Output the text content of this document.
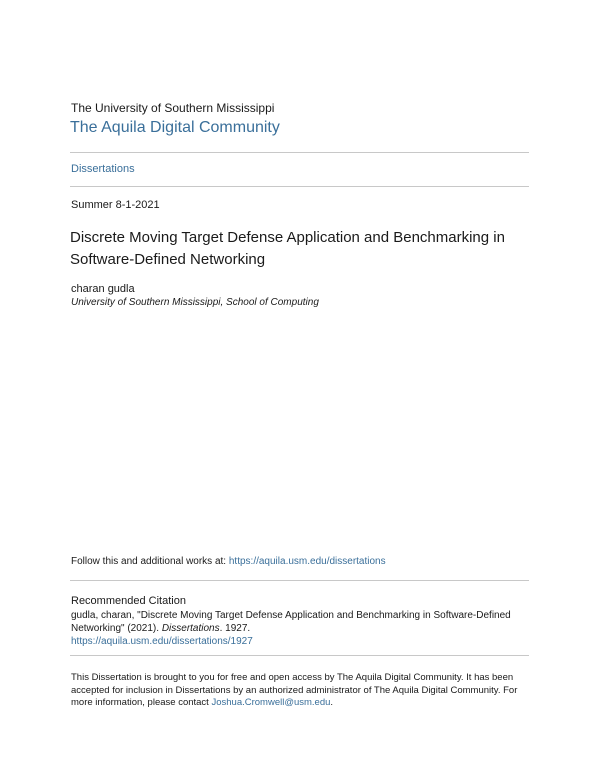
The University of Southern Mississippi
The Aquila Digital Community
Dissertations
Summer 8-1-2021
Discrete Moving Target Defense Application and Benchmarking in Software-Defined Networking
charan gudla
University of Southern Mississippi, School of Computing
Follow this and additional works at: https://aquila.usm.edu/dissertations
Recommended Citation
gudla, charan, "Discrete Moving Target Defense Application and Benchmarking in Software-Defined Networking" (2021). Dissertations. 1927.
https://aquila.usm.edu/dissertations/1927
This Dissertation is brought to you for free and open access by The Aquila Digital Community. It has been accepted for inclusion in Dissertations by an authorized administrator of The Aquila Digital Community. For more information, please contact Joshua.Cromwell@usm.edu.
